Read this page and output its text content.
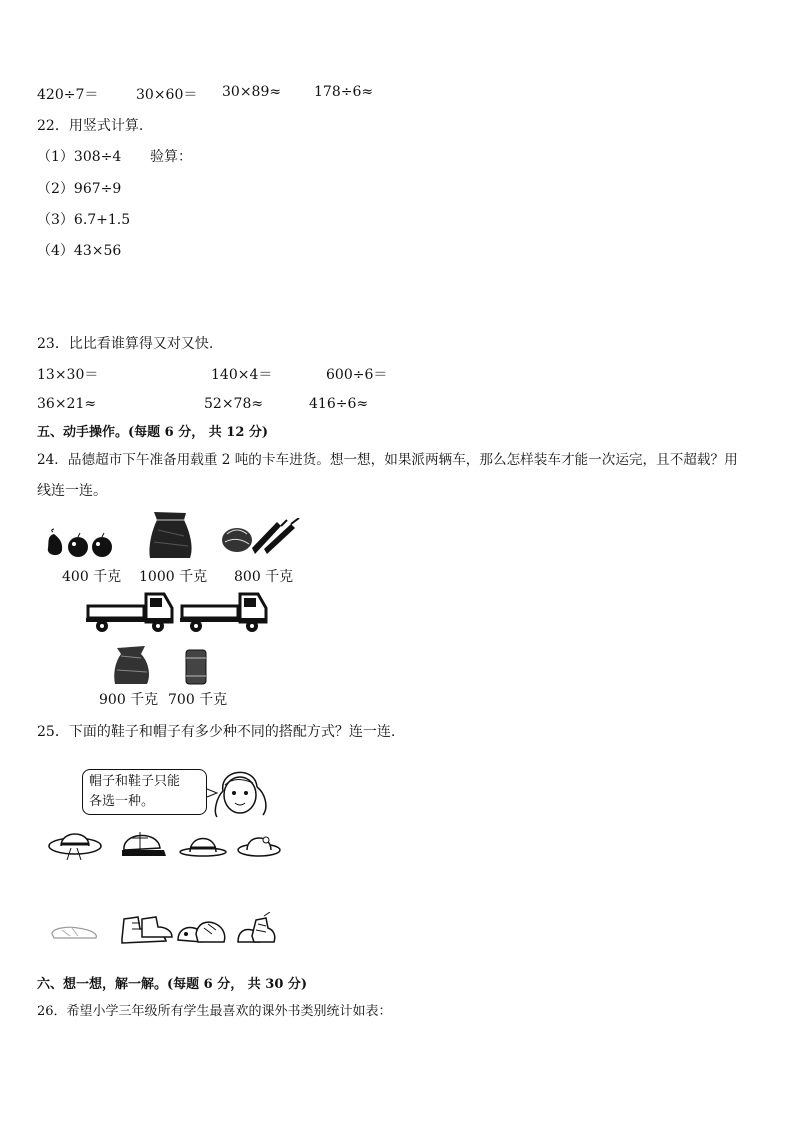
420÷7＝	30×60＝ 30×89≈ 178÷6≈
22．用竖式计算.
（1）308÷4 验算：
（2）967÷9
（3）6.7+1.5
（4）43×56
23．比比看谁算得又对又快.
13×30＝	140×4＝	600÷6＝
36×21≈	52×78≈	416÷6≈
五、动手操作。(每题 6 分， 共 12 分)
24．品德超市下午准备用载重 2 吨的卡车进货。想一想，如果派两辆车，那么怎样装车才能一次运完，且不超载？用
线连一连。
400 千克 1000 千克 800 千克
900 千克 700 千克
25．下面的鞋子和帽子有多少种不同的搭配方式？连一连.
帽子和鞋子只能
各选一种。
六、想一想，解一解。(每题 6 分， 共 30 分)
26．希望小学三年级所有学生最喜欢的课外书类别统计如表：
